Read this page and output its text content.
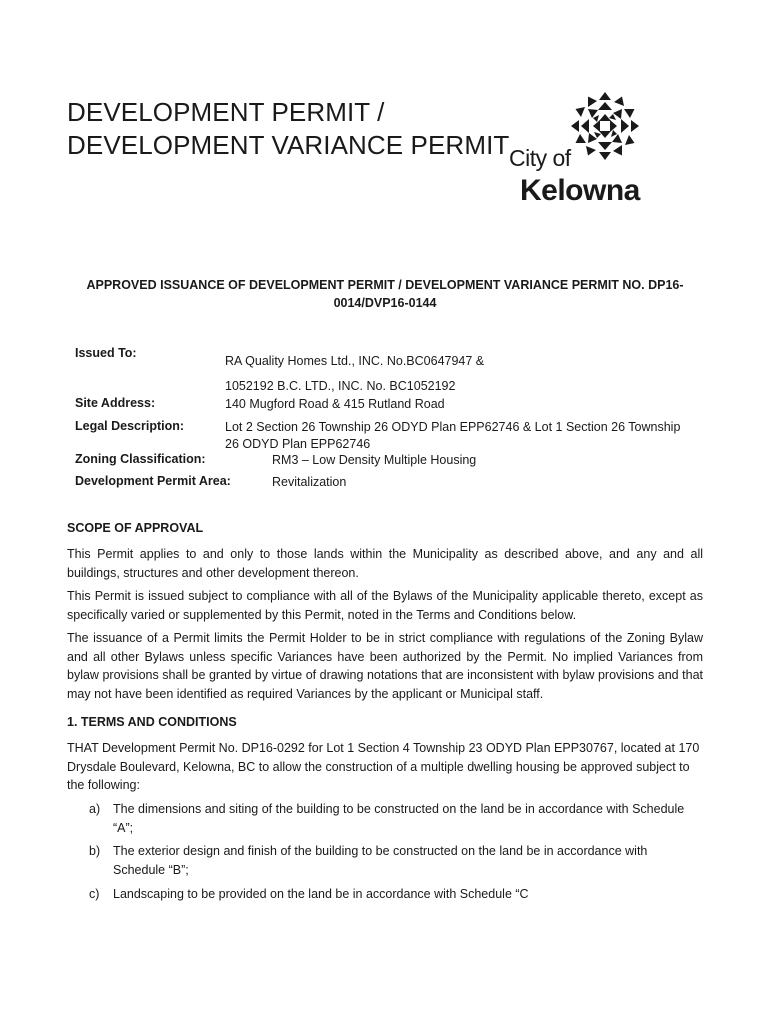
DEVELOPMENT PERMIT /
DEVELOPMENT VARIANCE PERMIT City of
Kelowna
APPROVED ISSUANCE OF DEVELOPMENT PERMIT / DEVELOPMENT VARIANCE PERMIT NO. DP16-0014/DVP16-0144
Issued To:
RA Quality Homes Ltd., INC. No.BC0647947 &
1052192 B.C. LTD., INC. No. BC1052192
Site Address:	140 Mugford Road & 415 Rutland Road
Legal Description:	Lot 2 Section 26 Township 26 ODYD Plan EPP62746 & Lot 1 Section 26 Township
26 ODYD Plan EPP62746
Zoning Classification:	RM3 – Low Density Multiple Housing
Development Permit Area:	Revitalization
SCOPE OF APPROVAL
This Permit applies to and only to those lands within the Municipality as described above, and any and all buildings, structures and other development thereon.
This Permit is issued subject to compliance with all of the Bylaws of the Municipality applicable thereto, except as specifically varied or supplemented by this Permit, noted in the Terms and Conditions below.
The issuance of a Permit limits the Permit Holder to be in strict compliance with regulations of the Zoning Bylaw and all other Bylaws unless specific Variances have been authorized by the Permit. No implied Variances from bylaw provisions shall be granted by virtue of drawing notations that are inconsistent with bylaw provisions and that may not have been identified as required Variances by the applicant or Municipal staff.
1. TERMS AND CONDITIONS
THAT Development Permit No. DP16-0292 for Lot 1 Section 4 Township 23 ODYD Plan EPP30767, located at 170 Drysdale Boulevard, Kelowna, BC to allow the construction of a multiple dwelling housing be approved subject to the following:
a)	The dimensions and siting of the building to be constructed on the land be in accordance with Schedule “A”;
b)	The exterior design and finish of the building to be constructed on the land be in accordance with Schedule “B”;
c)	Landscaping to be provided on the land be in accordance with Schedule “C
